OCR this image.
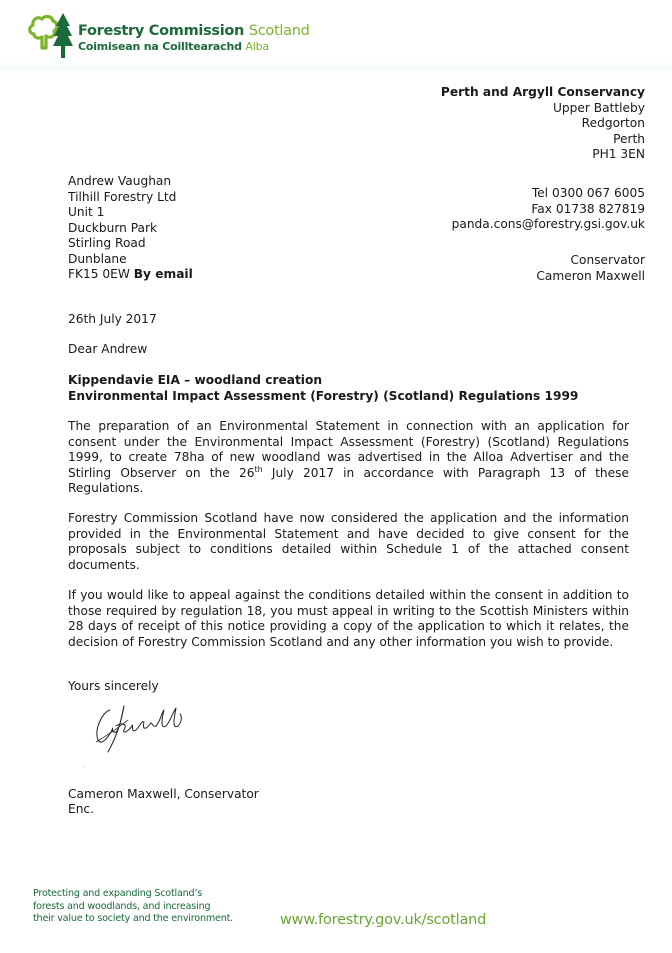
Forestry Commission Scotland
Coimisean na Coilltearachd Alba
Perth and Argyll Conservancy
Upper Battleby
Redgorton
Perth
PH1 3EN
Tel 0300 067 6005
Fax 01738 827819
panda.cons@forestry.gsi.gov.uk
Conservator
Cameron Maxwell
Andrew Vaughan
Tilhill Forestry Ltd
Unit 1
Duckburn Park
Stirling Road
Dunblane
FK15 0EW By email
26th July 2017
Dear Andrew
Kippendavie EIA – woodland creation
Environmental Impact Assessment (Forestry) (Scotland) Regulations 1999
The preparation of an Environmental Statement in connection with an application for consent under the Environmental Impact Assessment (Forestry) (Scotland) Regulations 1999, to create 78ha of new woodland was advertised in the Alloa Advertiser and the Stirling Observer on the 26th July 2017 in accordance with Paragraph 13 of these Regulations.
Forestry Commission Scotland have now considered the application and the information provided in the Environmental Statement and have decided to give consent for the proposals subject to conditions detailed within Schedule 1 of the attached consent documents.
If you would like to appeal against the conditions detailed within the consent in addition to those required by regulation 18, you must appeal in writing to the Scottish Ministers within 28 days of receipt of this notice providing a copy of the application to which it relates, the decision of Forestry Commission Scotland and any other information you wish to provide.
Yours sincerely
'
Cameron Maxwell, Conservator
Enc.
Protecting and expanding Scotland’s
forests and woodlands, and increasing
their value to society and the environment.	www.forestry.gov.uk/scotland
